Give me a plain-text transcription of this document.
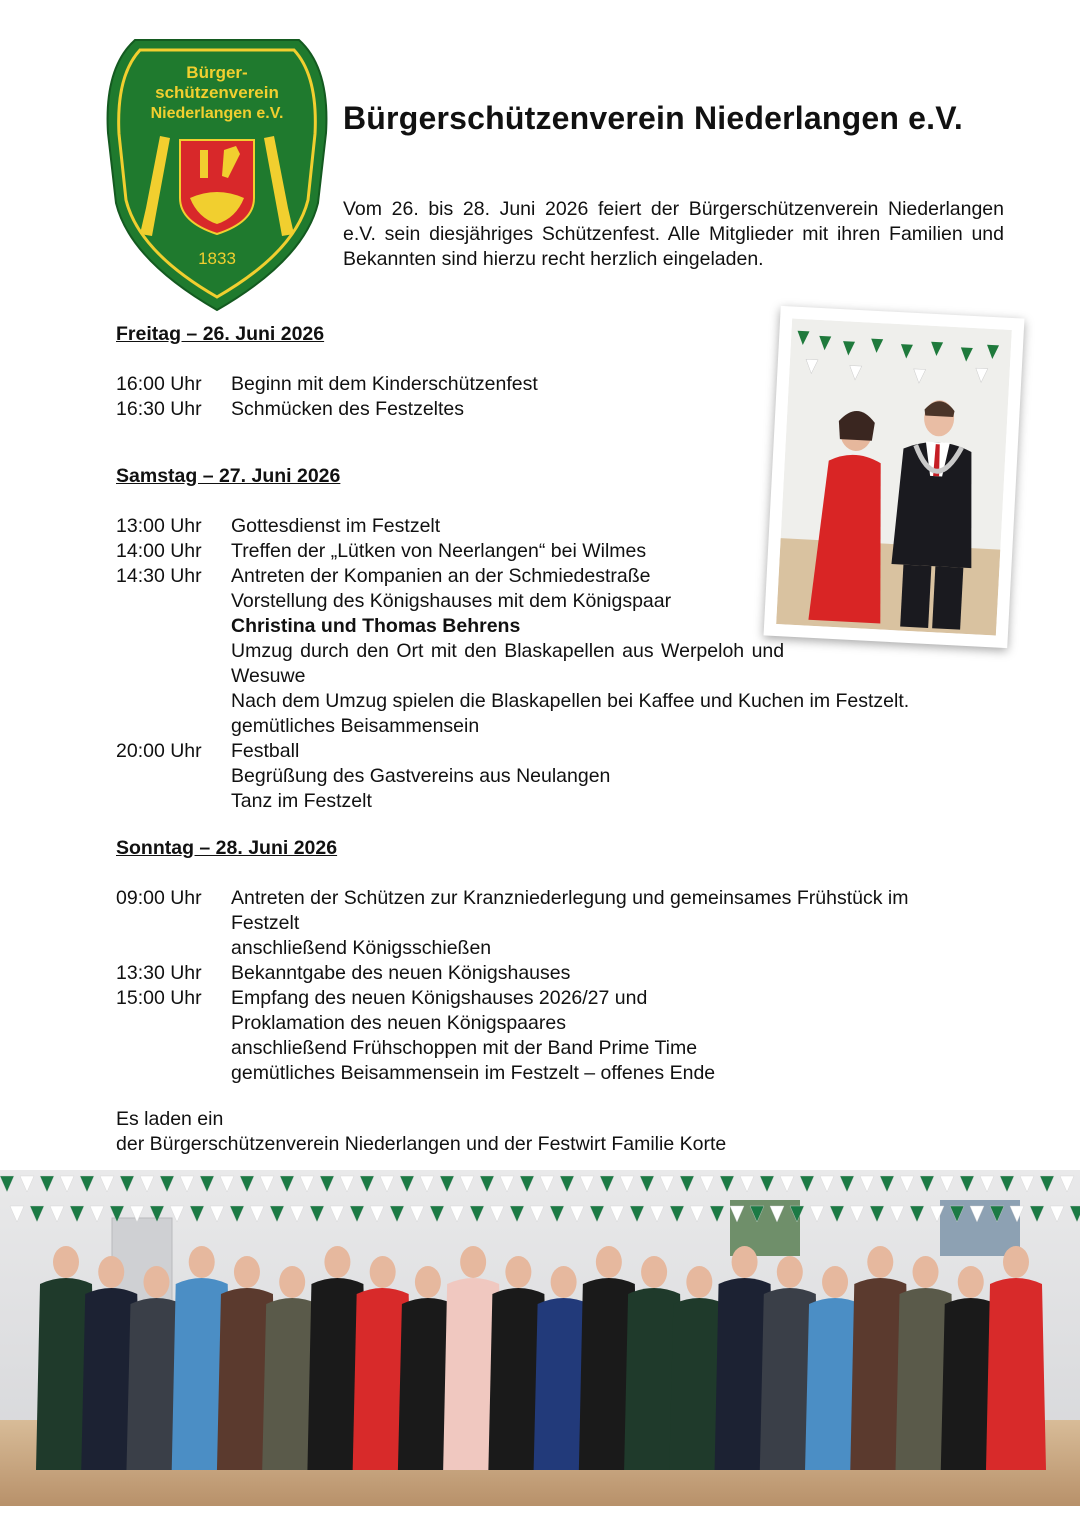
Bürger-
schützenverein
Niederlangen e.V.
1833
Bürgerschützenverein Niederlangen e.V.

Vom 26. bis 28. Juni 2026 feiert der Bürgerschützenverein Niederlangen e.V. sein diesjähriges Schützenfest. Alle Mitglieder mit ihren Familien und Bekannten sind hierzu recht herzlich eingeladen.

Freitag – 26. Juni 2026

16:00 Uhr	Beginn mit dem Kinderschützenfest
16:30 Uhr	Schmücken des Festzeltes

Samstag – 27. Juni 2026

13:00 Uhr	Gottesdienst im Festzelt
14:00 Uhr	Treffen der „Lütken von Neerlangen“ bei Wilmes
14:30 Uhr	Antreten der Kompanien an der Schmiedestraße
Vorstellung des Königshauses mit dem Königspaar
Christina und Thomas Behrens
Umzug durch den Ort mit den Blaskapellen aus Werpeloh und
Wesuwe
Nach dem Umzug spielen die Blaskapellen bei Kaffee und Kuchen im Festzelt.
gemütliches Beisammensein
20:00 Uhr	Festball
Begrüßung des Gastvereins aus Neulangen
Tanz im Festzelt

Sonntag – 28. Juni 2026

09:00 Uhr	Antreten der Schützen zur Kranzniederlegung und gemeinsames Frühstück im
Festzelt
anschließend Königsschießen
13:30 Uhr	Bekanntgabe des neuen Königshauses
15:00 Uhr	Empfang des neuen Königshauses 2026/27 und
Proklamation des neuen Königspaares
anschließend Frühschoppen mit der Band Prime Time
gemütliches Beisammensein im Festzelt – offenes Ende
Es laden ein
der Bürgerschützenverein Niederlangen und der Festwirt Familie Korte
